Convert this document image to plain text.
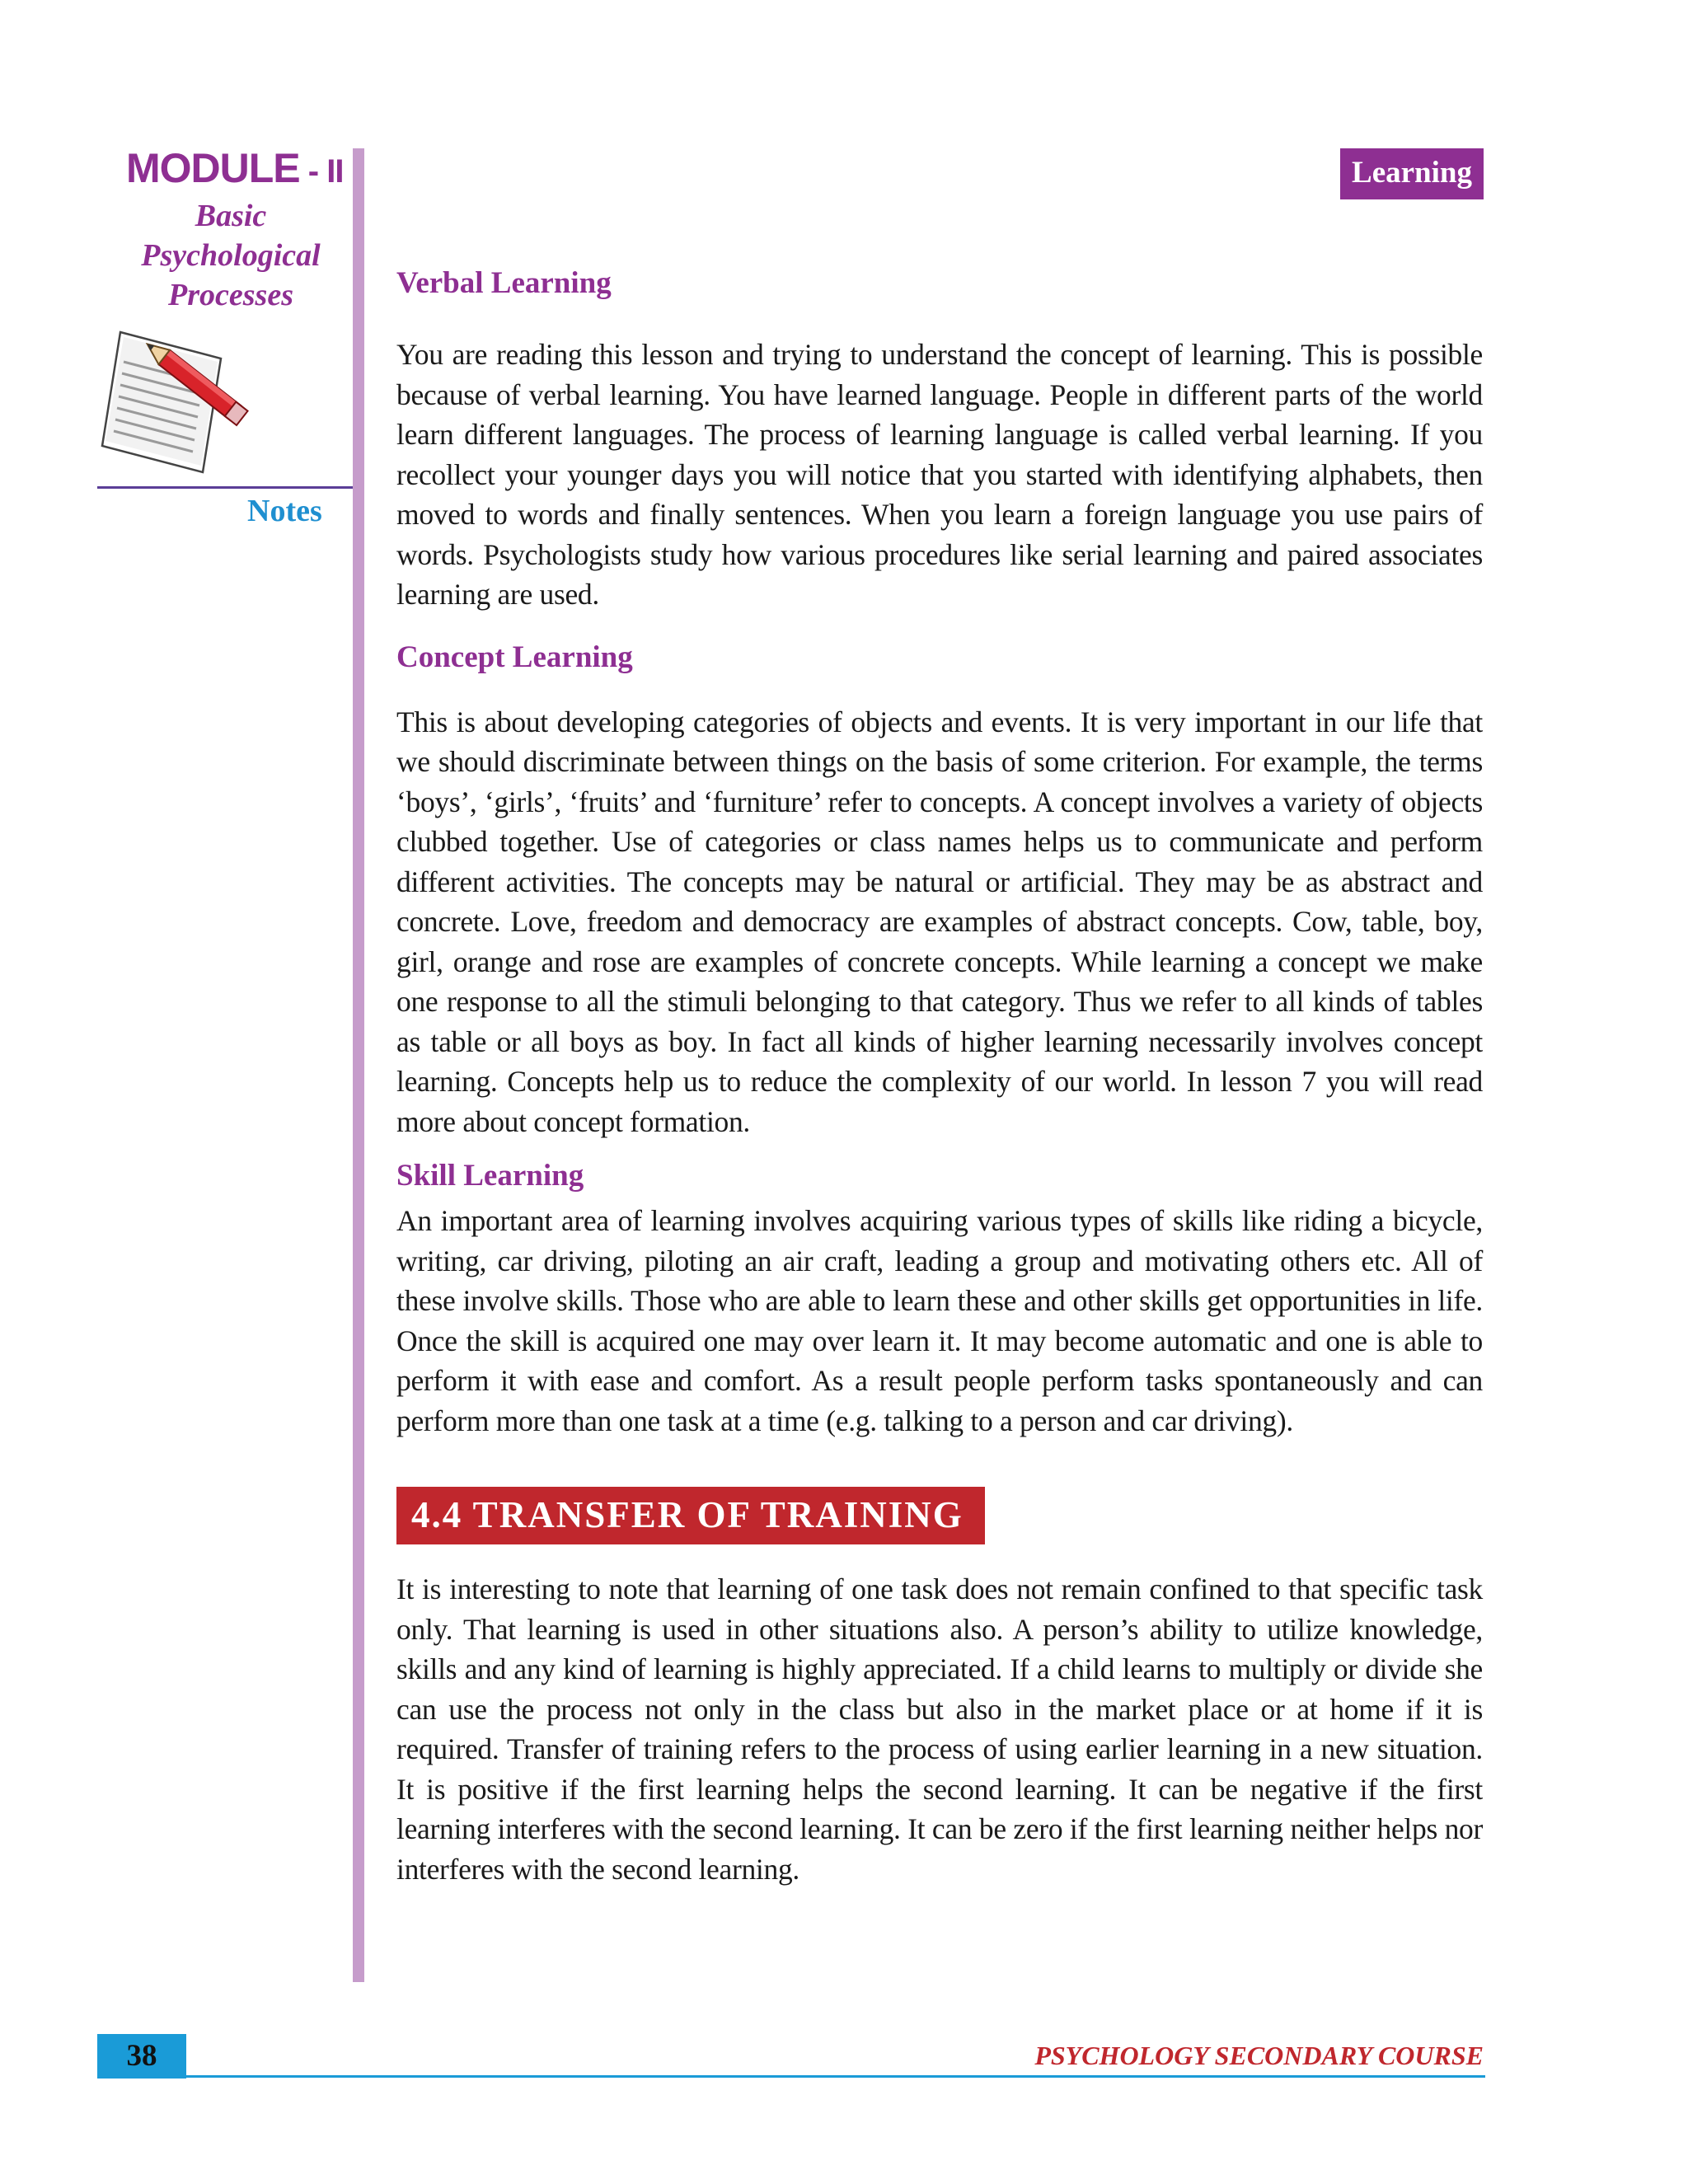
MODULE - II
Basic
Psychological
Processes
Notes
Learning
Verbal Learning

You are reading this lesson and trying to understand the concept of learning. This is possible because of verbal learning. You have learned language. People in different parts of the world learn different languages. The process of learning language is called verbal learning. If you recollect your younger days you will notice that you started with identifying alphabets, then moved to words and finally sentences. When you learn a foreign language you use pairs of words. Psychologists study how various procedures like serial learning and paired associates learning are used.

Concept Learning

This is about developing categories of objects and events. It is very important in our life that we should discriminate between things on the basis of some criterion. For example, the terms ‘boys’, ‘girls’, ‘fruits’ and ‘furniture’ refer to concepts. A concept involves a variety of objects clubbed together. Use of categories or class names helps us to communicate and perform different activities. The concepts may be natural or artificial. They may be as abstract and concrete. Love, freedom and democracy are examples of abstract concepts. Cow, table, boy, girl, orange and rose are examples of concrete concepts. While learning a concept we make one response to all the stimuli belonging to that category. Thus we refer to all kinds of tables as table or all boys as boy. In fact all kinds of higher learning necessarily involves concept learning. Concepts help us to reduce the complexity of our world. In lesson 7 you will read more about concept formation.

Skill Learning

An important area of learning involves acquiring various types of skills like riding a bicycle, writing, car driving, piloting an air craft, leading a group and motivating others etc. All of these involve skills. Those who are able to learn these and other skills get opportunities in life. Once the skill is acquired one may over learn it. It may become automatic and one is able to perform it with ease and comfort. As a result people perform tasks spontaneously and can perform more than one task at a time (e.g. talking to a person and car driving).

4.4 TRANSFER OF TRAINING

It is interesting to note that learning of one task does not remain confined to that specific task only. That learning is used in other situations also. A person’s ability to utilize knowledge, skills and any kind of learning is highly appreciated. If a child learns to multiply or divide she can use the process not only in the class but also in the market place or at home if it is required. Transfer of training refers to the process of using earlier learning in a new situation. It is positive if the first learning helps the second learning. It can be negative if the first learning interferes with the second learning. It can be zero if the first learning neither helps nor interferes with the second learning.

38	PSYCHOLOGY SECONDARY COURSE
